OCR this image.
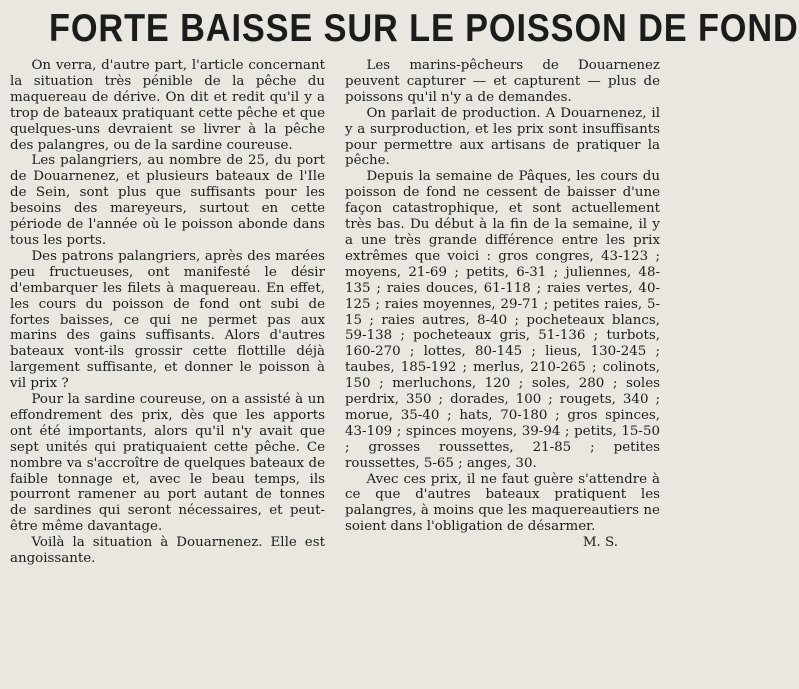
FORTE BAISSE SUR LE POISSON DE FOND

On verra, d'autre part, l'article concernant la situation très pénible de la pêche du maquereau de dérive. On dit et redit qu'il y a trop de bateaux pratiquant cette pêche et que quelques-uns devraient se livrer à la pêche des palangres, ou de la sardine coureuse.

Les palangriers, au nombre de 25, du port de Douarnenez, et plusieurs bateaux de l'Ile de Sein, sont plus que suffisants pour les besoins des mareyeurs, surtout en cette période de l'année où le poisson abonde dans tous les ports.

Des patrons palangriers, après des marées peu fructueuses, ont manifesté le désir d'embarquer les filets à maquereau. En effet, les cours du poisson de fond ont subi de fortes baisses, ce qui ne permet pas aux marins des gains suffisants. Alors d'autres bateaux vont-ils grossir cette flottille déjà largement suffisante, et donner le poisson à vil prix ?

Pour la sardine coureuse, on a assisté à un effondrement des prix, dès que les apports ont été importants, alors qu'il n'y avait que sept unités qui pratiquaient cette pêche. Ce nombre va s'accroître de quelques bateaux de faible tonnage et, avec le beau temps, ils pourront ramener au port autant de tonnes de sardines qui seront nécessaires, et peut-être même davantage.

Voilà la situation à Douarnenez. Elle est angoissante.

Les marins-pêcheurs de Douarnenez peuvent capturer — et capturent — plus de poissons qu'il n'y a de demandes.

On parlait de production. A Douarnenez, il y a surproduction, et les prix sont insuffisants pour permettre aux artisans de pratiquer la pêche.

Depuis la semaine de Pâques, les cours du poisson de fond ne cessent de baisser d'une façon catastrophique, et sont actuellement très bas. Du début à la fin de la semaine, il y a une très grande différence entre les prix extrêmes que voici : gros congres, 43-123 ; moyens, 21-69 ; petits, 6-31 ; juliennes, 48-135 ; raies douces, 61-118 ; raies vertes, 40-125 ; raies moyennes, 29-71 ; petites raies, 5-15 ; raies autres, 8-40 ; pocheteaux blancs, 59-138 ; pocheteaux gris, 51-136 ; turbots, 160-270 ; lottes, 80-145 ; lieus, 130-245 ; taubes, 185-192 ; merlus, 210-265 ; colinots, 150 ; merluchons, 120 ; soles, 280 ; soles perdrix, 350 ; dorades, 100 ; rougets, 340 ; morue, 35-40 ; hats, 70-180 ; gros spinces, 43-109 ; spinces moyens, 39-94 ; petits, 15-50 ; grosses roussettes, 21-85 ; petites roussettes, 5-65 ; anges, 30.

Avec ces prix, il ne faut guère s'attendre à ce que d'autres bateaux pratiquent les palangres, à moins que les maquereautiers ne soient dans l'obligation de désarmer.

M. S.
